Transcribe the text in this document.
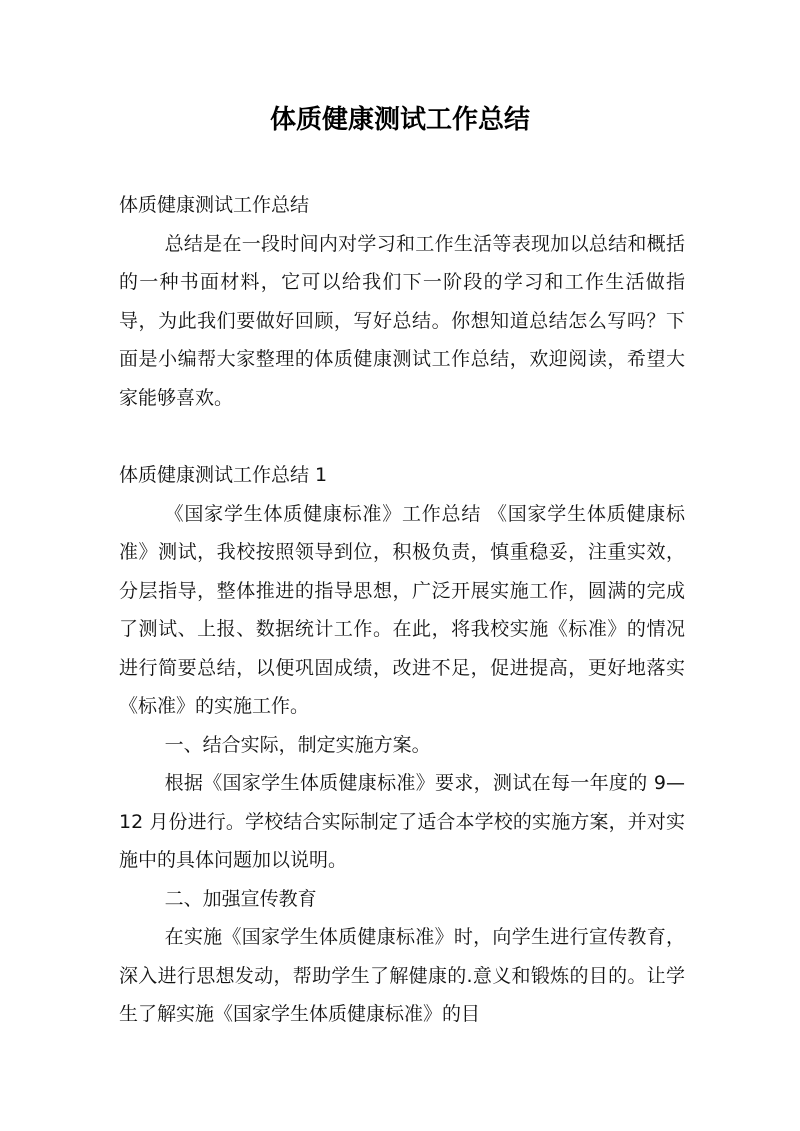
体质健康测试工作总结

体质健康测试工作总结

总结是在一段时间内对学习和工作生活等表现加以总结和概括的一种书面材料，它可以给我们下一阶段的学习和工作生活做指导，为此我们要做好回顾，写好总结。你想知道总结怎么写吗？下面是小编帮大家整理的体质健康测试工作总结，欢迎阅读，希望大家能够喜欢。

体质健康测试工作总结 1

《国家学生体质健康标准》工作总结 《国家学生体质健康标准》测试，我校按照领导到位，积极负责，慎重稳妥，注重实效，分层指导，整体推进的指导思想，广泛开展实施工作，圆满的完成了测试、上报、数据统计工作。在此，将我校实施《标准》的情况进行简要总结，以便巩固成绩，改进不足，促进提高，更好地落实《标准》的实施工作。

一、结合实际，制定实施方案。

根据《国家学生体质健康标准》要求，测试在每一年度的 9—12 月份进行。学校结合实际制定了适合本学校的实施方案，并对实施中的具体问题加以说明。

二、加强宣传教育

在实施《国家学生体质健康标准》时，向学生进行宣传教育，深入进行思想发动，帮助学生了解健康的.意义和锻炼的目的。让学生了解实施《国家学生体质健康标准》的目
